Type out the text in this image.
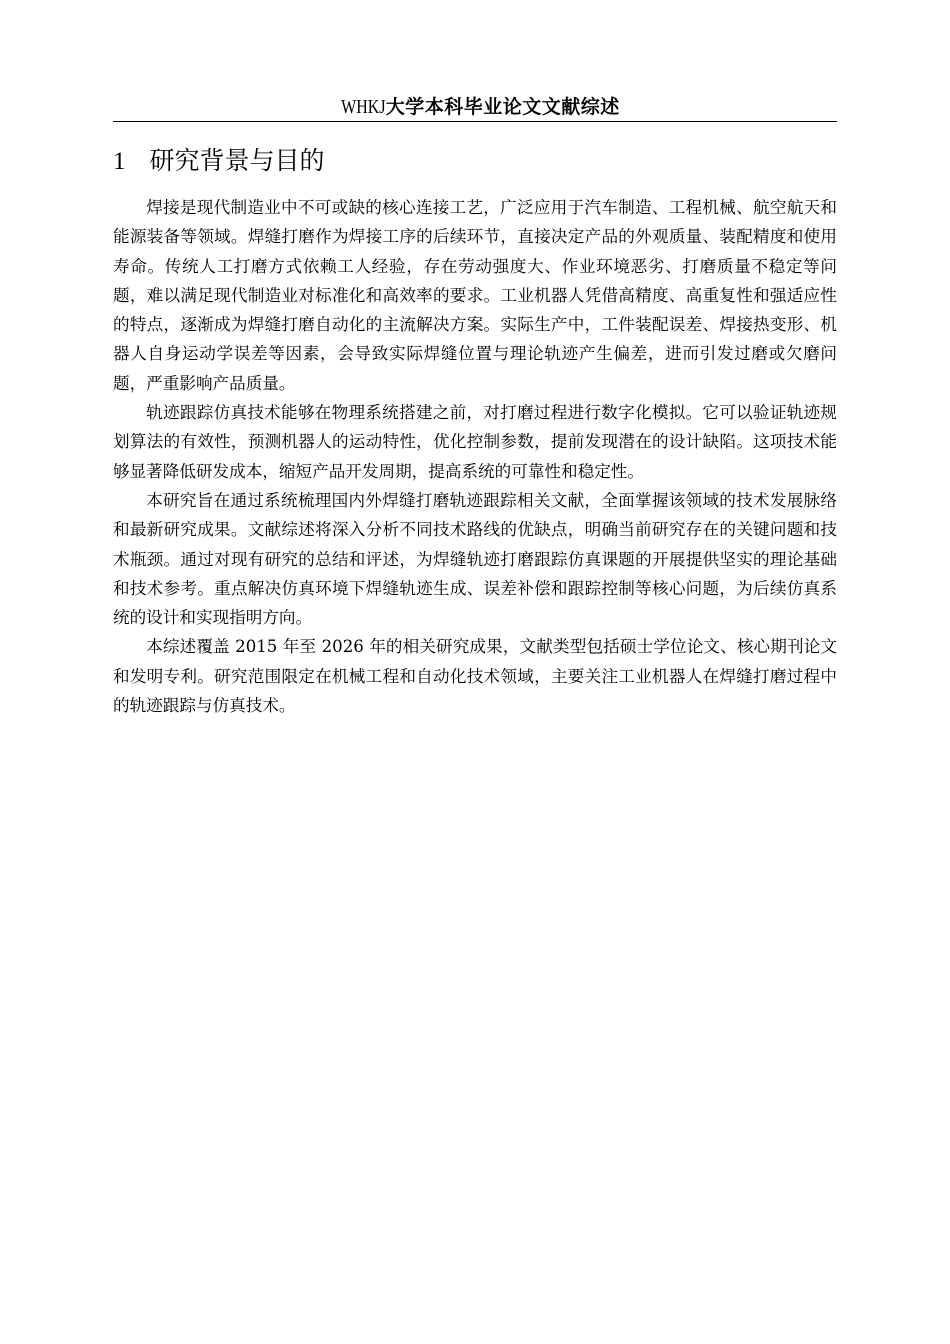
WHKJ 大学本科毕业论文文献综述
1 研究背景与目的

焊接是现代制造业中不可或缺的核心连接工艺，广泛应用于汽车制造、工程机械、航空航天和能源装备等领域。焊缝打磨作为焊接工序的后续环节，直接决定产品的外观质量、装配精度和使用寿命。传统人工打磨方式依赖工人经验，存在劳动强度大、作业环境恶劣、打磨质量不稳定等问题，难以满足现代制造业对标准化和高效率的要求。工业机器人凭借高精度、高重复性和强适应性的特点，逐渐成为焊缝打磨自动化的主流解决方案。实际生产中，工件装配误差、焊接热变形、机器人自身运动学误差等因素，会导致实际焊缝位置与理论轨迹产生偏差，进而引发过磨或欠磨问题，严重影响产品质量。

轨迹跟踪仿真技术能够在物理系统搭建之前，对打磨过程进行数字化模拟。它可以验证轨迹规划算法的有效性，预测机器人的运动特性，优化控制参数，提前发现潜在的设计缺陷。这项技术能够显著降低研发成本，缩短产品开发周期，提高系统的可靠性和稳定性。

本研究旨在通过系统梳理国内外焊缝打磨轨迹跟踪相关文献，全面掌握该领域的技术发展脉络和最新研究成果。文献综述将深入分析不同技术路线的优缺点，明确当前研究存在的关键问题和技术瓶颈。通过对现有研究的总结和评述，为焊缝轨迹打磨跟踪仿真课题的开展提供坚实的理论基础和技术参考。重点解决仿真环境下焊缝轨迹生成、误差补偿和跟踪控制等核心问题，为后续仿真系统的设计和实现指明方向。

本综述覆盖 2015 年至 2026 年的相关研究成果，文献类型包括硕士学位论文、核心期刊论文和发明专利。研究范围限定在机械工程和自动化技术领域，主要关注工业机器人在焊缝打磨过程中的轨迹跟踪与仿真技术。
